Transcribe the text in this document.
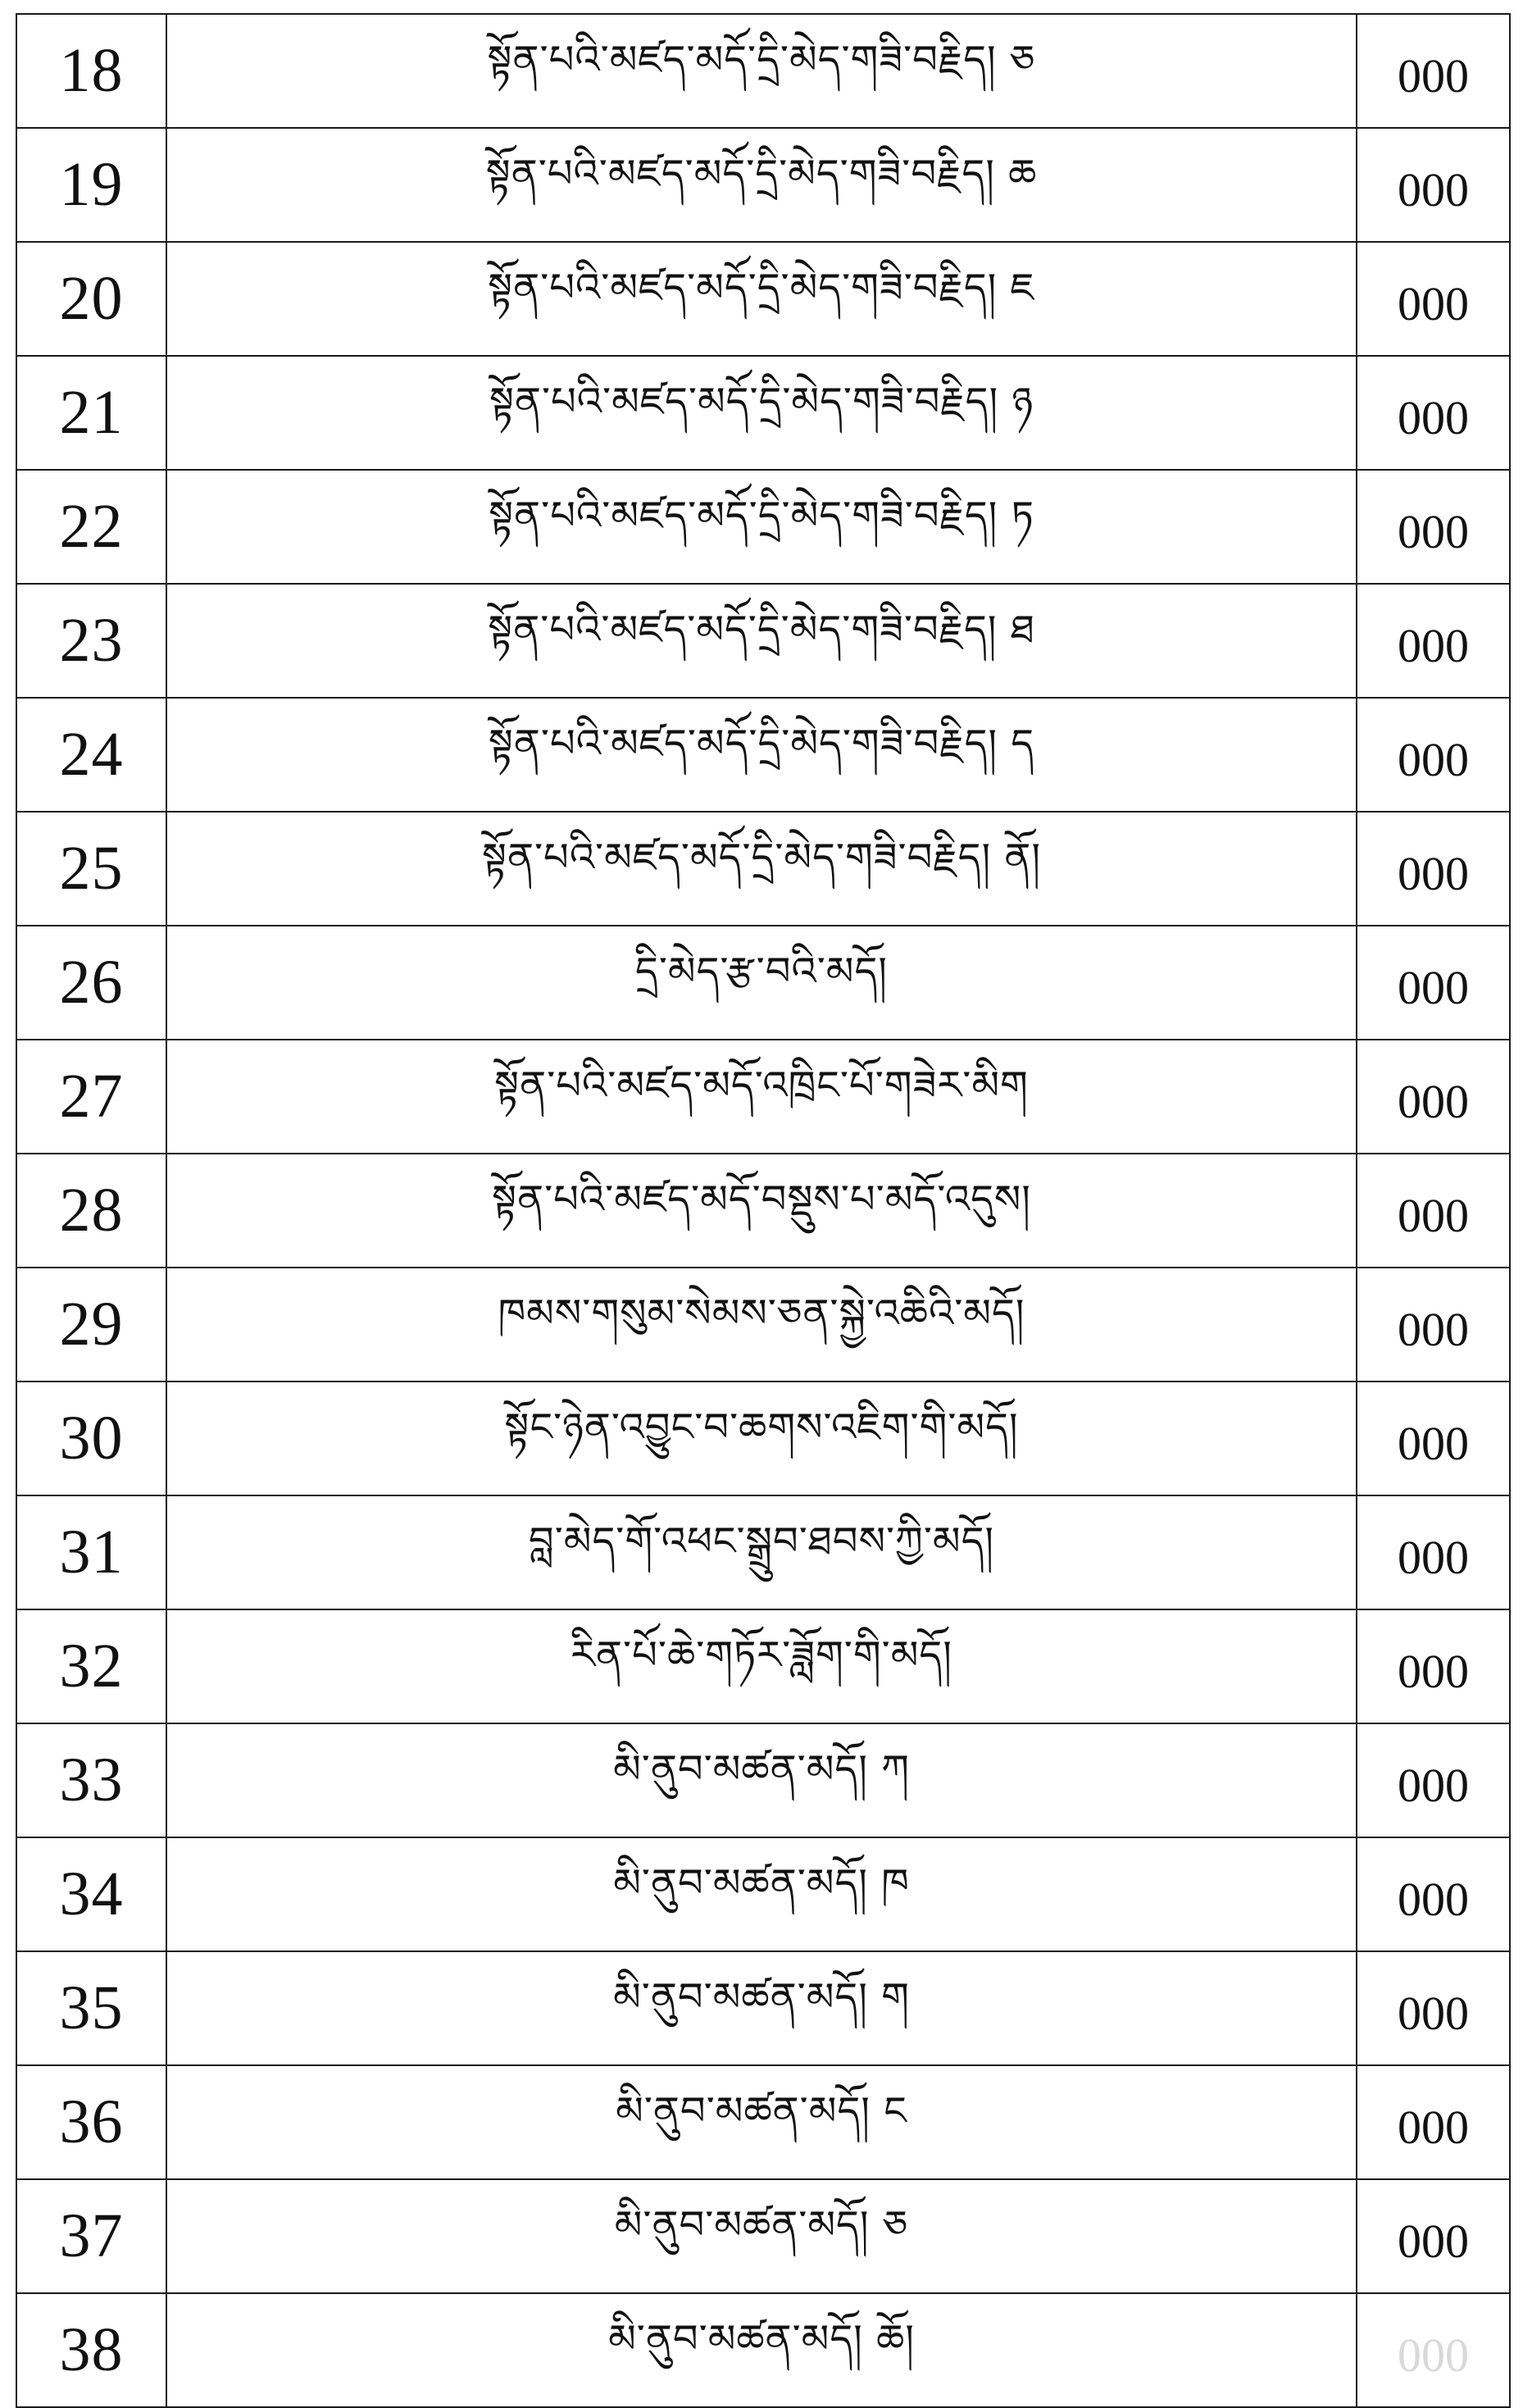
18	སྟོན་པའི་མཛད་མདོ་དྲི་མེད་གཟི་བརྗིད། ཅ	000
19	སྟོན་པའི་མཛད་མདོ་དྲི་མེད་གཟི་བརྗིད། ཆ	000
20	སྟོན་པའི་མཛད་མདོ་དྲི་མེད་གཟི་བརྗིད། ཇ	000
21	སྟོན་པའི་མཛད་མདོ་དྲི་མེད་གཟི་བརྗིད། ཉ	000
22	སྟོན་པའི་མཛད་མདོ་དྲི་མེད་གཟི་བརྗིད། ཏ	000
23	སྟོན་པའི་མཛད་མདོ་དྲི་མེད་གཟི་བརྗིད། ཐ	000
24	སྟོན་པའི་མཛད་མདོ་དྲི་མེད་གཟི་བརྗིད། ད	000
25	སྟོན་པའི་མཛད་མདོ་དྲི་མེད་གཟི་བརྗིད། ནོ།	000
26	དྲི་མེད་རྩ་བའི་མདོ།	000
27	སྟོན་པའི་མཛད་མདོ་འཁྲིང་པོ་གཟེར་མིག	000
28	སྟོན་པའི་མཛད་མདོ་བསྡུས་པ་མདོ་འདུས།	000
29	ཁམས་གསུམ་སེམས་ཅན་སྐྱེ་འཆིའི་མདོ།	000
30	སྟོང་ཉེན་འབྱུང་བ་ཆགས་འཇིག་གི་མདོ།	000
31	བླ་མེད་གོ་འཕང་སྒྲུབ་ཐབས་ཀྱི་མདོ།	000
32	རིན་པོ་ཆེ་གཏོར་ཟློག་གི་མདོ།	000
33	མི་ནུབ་མཚན་མདོ། ཀ	000
34	མི་ནུབ་མཚན་མདོ། ཁ	000
35	མི་ནུབ་མཚན་མདོ། ག	000
36	མི་ནུབ་མཚན་མདོ། ང	000
37	མི་ནུབ་མཚན་མདོ། ཅ	000
38	མི་ནུབ་མཚན་མདོ། ཆོ།	000
